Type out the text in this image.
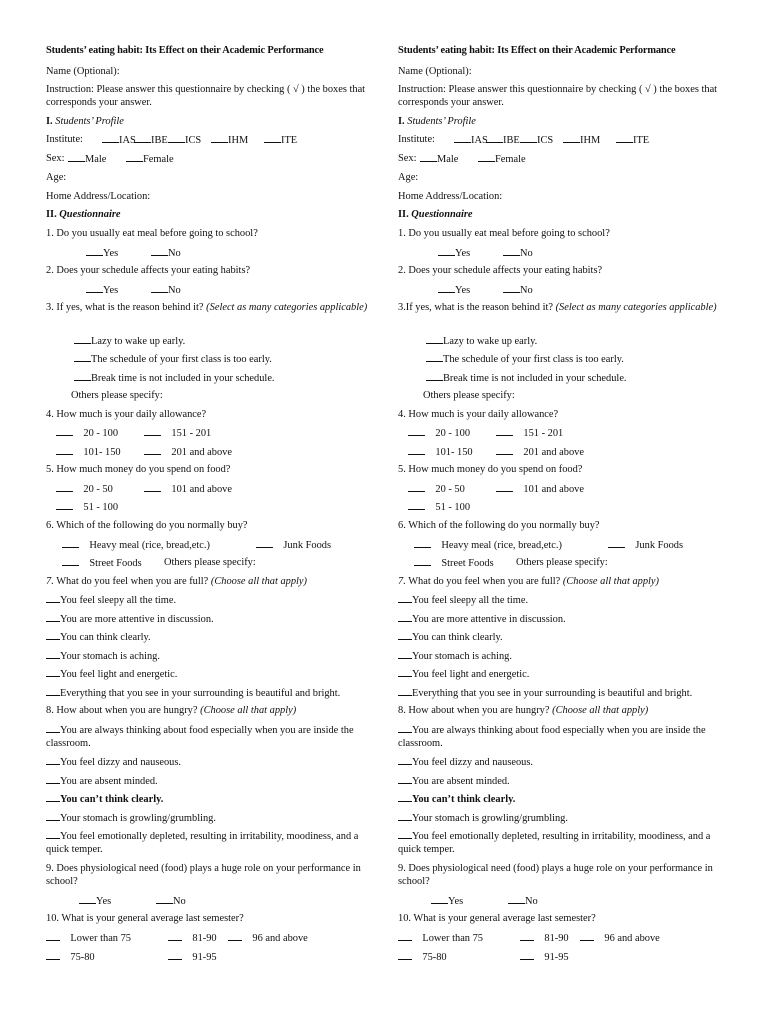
Students’ eating habit: Its Effect on their Academic Performance
Name (Optional):
Instruction: Please answer this questionnaire by checking ( √ ) the boxes that corresponds your answer.
I. Students’ Profile
Institute:	IAS	IBE	ICS	IHM	ITE
Sex:	Male	Female
Age:
Home Address/Location:
II. Questionnaire
1. Do you usually eat meal before going to school?
Yes	No
2. Does your schedule affects your eating habits?
Yes	No
3. If yes, what is the reason behind it? (Select as many categories applicable)
Lazy to wake up early.
The schedule of your first class is too early.
Break time is not included in your schedule.
Others please specify:
4. How much is your daily allowance?
20 - 100	151 - 201
101- 150	201 and above
5. How much money do you spend on food?
20 - 50	101 and above
51 - 100
6. Which of the following do you normally buy?
Heavy meal (rice, bread,etc.)	Junk Foods
Street Foods Others please specify:
7. What do you feel when you are full? (Choose all that apply)
You feel sleepy all the time.
You are more attentive in discussion.
You can think clearly.
Your stomach is aching.
You feel light and energetic.
Everything that you see in your surrounding is beautiful and bright.
8. How about when you are hungry? (Choose all that apply)
You are always thinking about food especially when you are inside the classroom.
You feel dizzy and nauseous.
You are absent minded.
You can’t think clearly.
Your stomach is growling/grumbling.
You feel emotionally depleted, resulting in irritability, moodiness, and a quick temper.
9. Does physiological need (food) plays a huge role on your performance in school?
Yes	No
10. What is your general average last semester?
Lower than 75	81-90	96 and above
75-80	91-95
Students’ eating habit: Its Effect on their Academic Performance
Name (Optional):
Instruction: Please answer this questionnaire by checking ( √ ) the boxes that corresponds your answer.
I. Students’ Profile
Institute:	IAS	IBE	ICS	IHM	ITE
Sex:	Male	Female
Age:
Home Address/Location:
II. Questionnaire
1. Do you usually eat meal before going to school?
Yes	No
2. Does your schedule affects your eating habits?
Yes	No
3.If yes, what is the reason behind it? (Select as many categories applicable)
Lazy to wake up early.
The schedule of your first class is too early.
Break time is not included in your schedule.
Others please specify:
4. How much is your daily allowance?
20 - 100	151 - 201
101- 150	201 and above
5. How much money do you spend on food?
20 - 50	101 and above
51 - 100
6. Which of the following do you normally buy?
Heavy meal (rice, bread,etc.)	Junk Foods
Street Foods Others please specify:
7. What do you feel when you are full? (Choose all that apply)
You feel sleepy all the time.
You are more attentive in discussion.
You can think clearly.
Your stomach is aching.
You feel light and energetic.
Everything that you see in your surrounding is beautiful and bright.
8. How about when you are hungry? (Choose all that apply)
You are always thinking about food especially when you are inside the classroom.
You feel dizzy and nauseous.
You are absent minded.
You can’t think clearly.
Your stomach is growling/grumbling.
You feel emotionally depleted, resulting in irritability, moodiness, and a quick temper.
9. Does physiological need (food) plays a huge role on your performance in school?
Yes	No
10. What is your general average last semester?
Lower than 75	81-90	96 and above
75-80	91-95
